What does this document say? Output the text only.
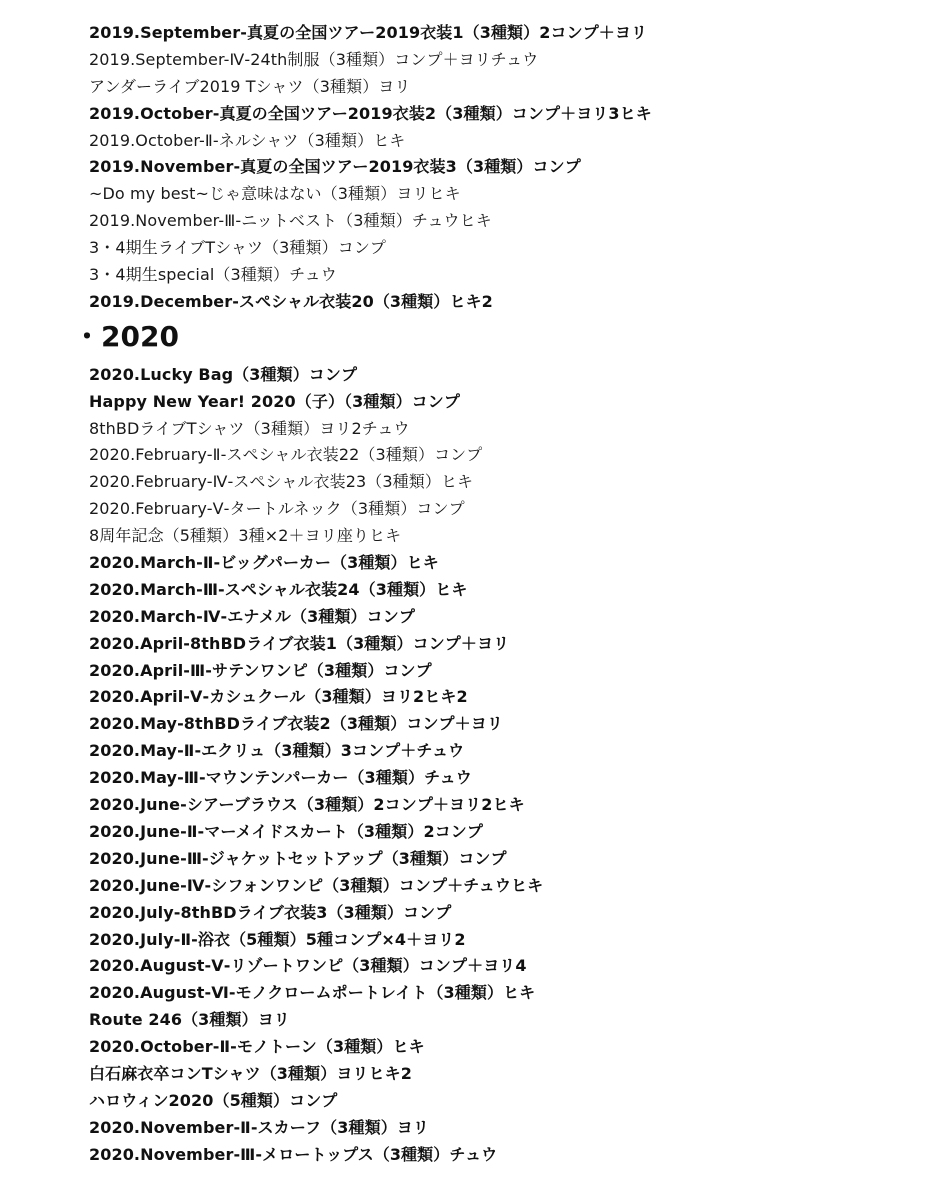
2019.September-真夏の全国ツアー2019衣装1（3種類）2コンプ＋ヨリ
2019.September-Ⅳ-24th制服（3種類）コンプ＋ヨリチュウ
アンダーライブ2019 Tシャツ（3種類）ヨリ
2019.October-真夏の全国ツアー2019衣装2（3種類）コンプ＋ヨリ3ヒキ
2019.October-Ⅱ-ネルシャツ（3種類）ヒキ
2019.November-真夏の全国ツアー2019衣装3（3種類）コンプ
~Do my best~じゃ意味はない（3種類）ヨリヒキ
2019.November-Ⅲ-ニットベスト（3種類）チュウヒキ
3・4期生ライブTシャツ（3種類）コンプ
3・4期生special（3種類）チュウ
2019.December-スペシャル衣装20（3種類）ヒキ2
・2020
2020.Lucky Bag（3種類）コンプ
Happy New Year! 2020（子）（3種類）コンプ
8thBDライブTシャツ（3種類）ヨリ2チュウ
2020.February-Ⅱ-スペシャル衣装22（3種類）コンプ
2020.February-Ⅳ-スペシャル衣装23（3種類）ヒキ
2020.February-Ⅴ-タートルネック（3種類）コンプ
8周年記念（5種類）3種×2＋ヨリ座りヒキ
2020.March-Ⅱ-ビッグパーカー（3種類）ヒキ
2020.March-Ⅲ-スペシャル衣装24（3種類）ヒキ
2020.March-Ⅳ-エナメル（3種類）コンプ
2020.April-8thBDライブ衣装1（3種類）コンプ＋ヨリ
2020.April-Ⅲ-サテンワンピ（3種類）コンプ
2020.April-Ⅴ-カシュクール（3種類）ヨリ2ヒキ2
2020.May-8thBDライブ衣装2（3種類）コンプ＋ヨリ
2020.May-Ⅱ-エクリュ（3種類）3コンプ＋チュウ
2020.May-Ⅲ-マウンテンパーカー（3種類）チュウ
2020.June-シアーブラウス（3種類）2コンプ＋ヨリ2ヒキ
2020.June-Ⅱ-マーメイドスカート（3種類）2コンプ
2020.June-Ⅲ-ジャケットセットアップ（3種類）コンプ
2020.June-Ⅳ-シフォンワンピ（3種類）コンプ＋チュウヒキ
2020.July-8thBDライブ衣装3（3種類）コンプ
2020.July-Ⅱ-浴衣（5種類）5種コンプ×4＋ヨリ2
2020.August-Ⅴ-リゾートワンピ（3種類）コンプ＋ヨリ4
2020.August-Ⅵ-モノクロームポートレイト（3種類）ヒキ
Route 246（3種類）ヨリ
2020.October-Ⅱ-モノトーン（3種類）ヒキ
白石麻衣卒コンTシャツ（3種類）ヨリヒキ2
ハロウィン2020（5種類）コンプ
2020.November-Ⅱ-スカーフ（3種類）ヨリ
2020.November-Ⅲ-メロートップス（3種類）チュウ
